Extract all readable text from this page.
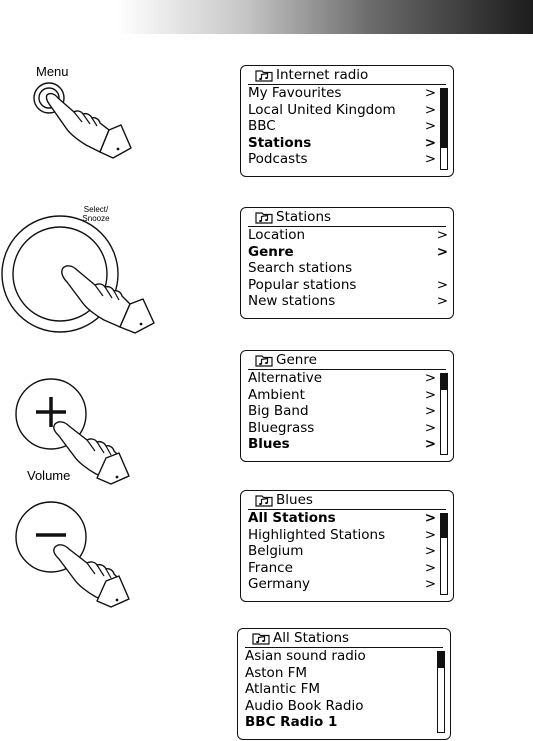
Menu
Select/
Snooze
Volume
Internet radio
My Favourites	>
Local United Kingdom >
BBC	>
Stations	>
Podcasts	>
Stations
Location	>
Genre	>
Search stations
Popular stations	>
New stations	>
Genre
Alternative	>
Ambient	>
Big Band	>
Bluegrass	>
Blues	>
Blues
All Stations	>
Highlighted Stations	>
Belgium	>
France	>
Germany	>
All Stations
Asian sound radio
Aston FM
Atlantic FM
Audio Book Radio
BBC Radio 1
